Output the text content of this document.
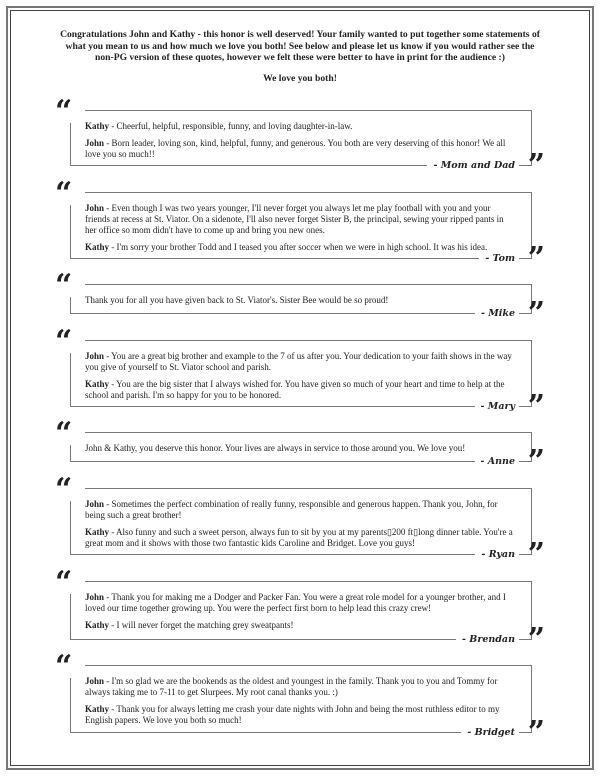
Congratulations John and Kathy - this honor is well deserved! Your family wanted to put together some statements of what you mean to us and how much we love you both! See below and please let us know if you would rather see the non-PG version of these quotes, however we felt these were better to have in print for the audience :)
We love you both!
“	Kathy - Cheerful, helpful, responsible, funny, and loving daughter-in-law.

John - Born leader, loving son, kind, helpful, funny, and generous. You both are very deserving of this honor! We all love you so much!!

- Mom and Dad ”
“	John - Even though I was two years younger, I'll never forget you always let me play football with you and your friends at recess at St. Viator. On a sidenote, I'll also never forget Sister B, the principal, sewing your ripped pants in her office so mom didn't have to come up and bring you new ones.

Kathy - I'm sorry your brother Todd and I teased you after soccer when we were in high school. It was his idea.

- Tom ”
“	Thank you for all you have given back to St. Viator's. Sister Bee would be so proud!

- Mike ”
“	John - You are a great big brother and example to the 7 of us after you. Your dedication to your faith shows in the way you give of yourself to St. Viator school and parish.

Kathy - You are the big sister that I always wished for. You have given so much of your heart and time to help at the school and parish. I'm so happy for you to be honored.

- Mary ”
“	John & Kathy, you deserve this honor. Your lives are always in service to those around you. We love you!

- Anne ”
“	John - Sometimes the perfect combination of really funny, responsible and generous happen. Thank you, John, for being such a great brother!

Kathy - Also funny and such a sweet person, always fun to sit by you at my parents▯200 ft▯long dinner table. You're a great mom and it shows with those two fantastic kids Caroline and Bridget. Love you guys!

- Ryan ”
“	John - Thank you for making me a Dodger and Packer Fan. You were a great role model for a younger brother, and I loved our time together growing up. You were the perfect first born to help lead this crazy crew!

Kathy - I will never forget the matching grey sweatpants!

- Brendan ”
“	John - I'm so glad we are the bookends as the oldest and youngest in the family. Thank you to you and Tommy for always taking me to 7-11 to get Slurpees. My root canal thanks you. :)

Kathy - Thank you for always letting me crash your date nights with John and being the most ruthless editor to my English papers. We love you both so much!

- Bridget ”
